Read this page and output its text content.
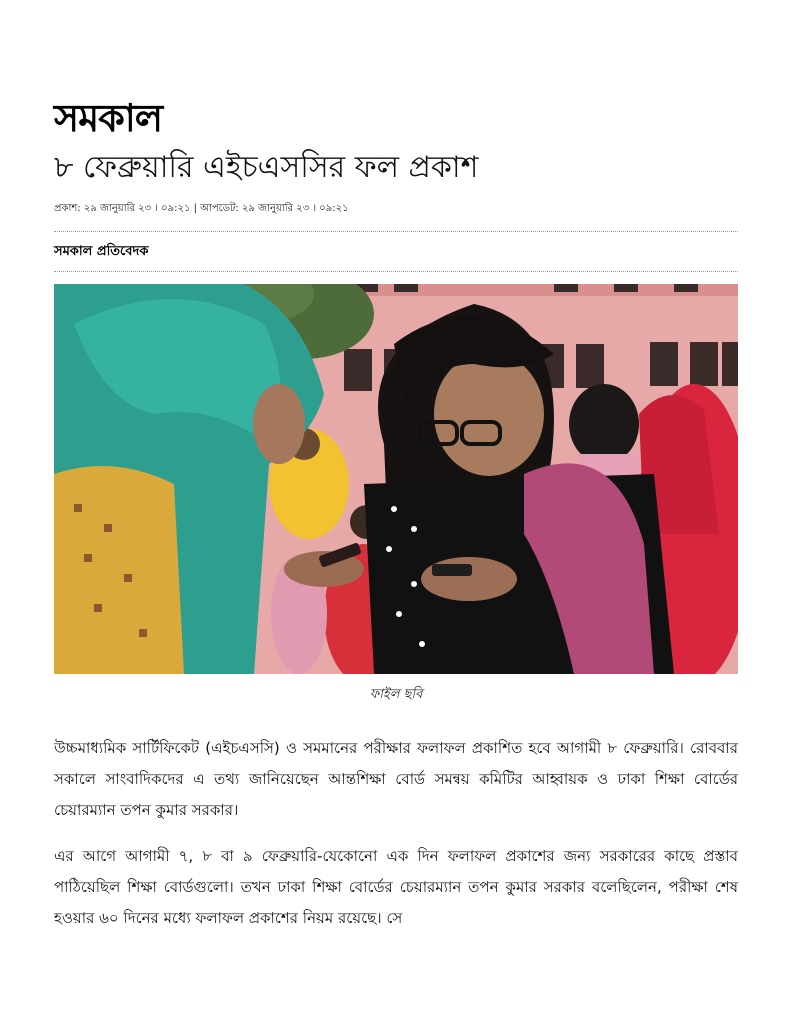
সমকাল
৮ ফেব্রুয়ারি এইচএসসির ফল প্রকাশ
প্রকাশ: ২৯ জানুয়ারি ২৩ । ০৯:২১ | আপডেট: ২৯ জানুয়ারি ২৩ । ০৯:২১
সমকাল প্রতিবেদক
ফাইল ছবি

উচ্চমাধ্যমিক সার্টিফিকেট (এইচএসসি) ও সমমানের পরীক্ষার ফলাফল প্রকাশিত হবে আগামী ৮ ফেব্রুয়ারি। রোববার সকালে সাংবাদিকদের এ তথ্য জানিয়েছেন আন্তশিক্ষা বোর্ড সমন্বয় কমিটির আহ্বায়ক ও ঢাকা শিক্ষা বোর্ডের চেয়ারম্যান তপন কুমার সরকার।

এর আগে আগামী ৭, ৮ বা ৯ ফেব্রুয়ারি-যেকোনো এক দিন ফলাফল প্রকাশের জন্য সরকারের কাছে প্রস্তাব পাঠিয়েছিল শিক্ষা বোর্ডগুলো। তখন ঢাকা শিক্ষা বোর্ডের চেয়ারম্যান তপন কুমার সরকার বলেছিলেন, পরীক্ষা শেষ হওয়ার ৬০ দিনের মধ্যে ফলাফল প্রকাশের নিয়ম রয়েছে। সে
